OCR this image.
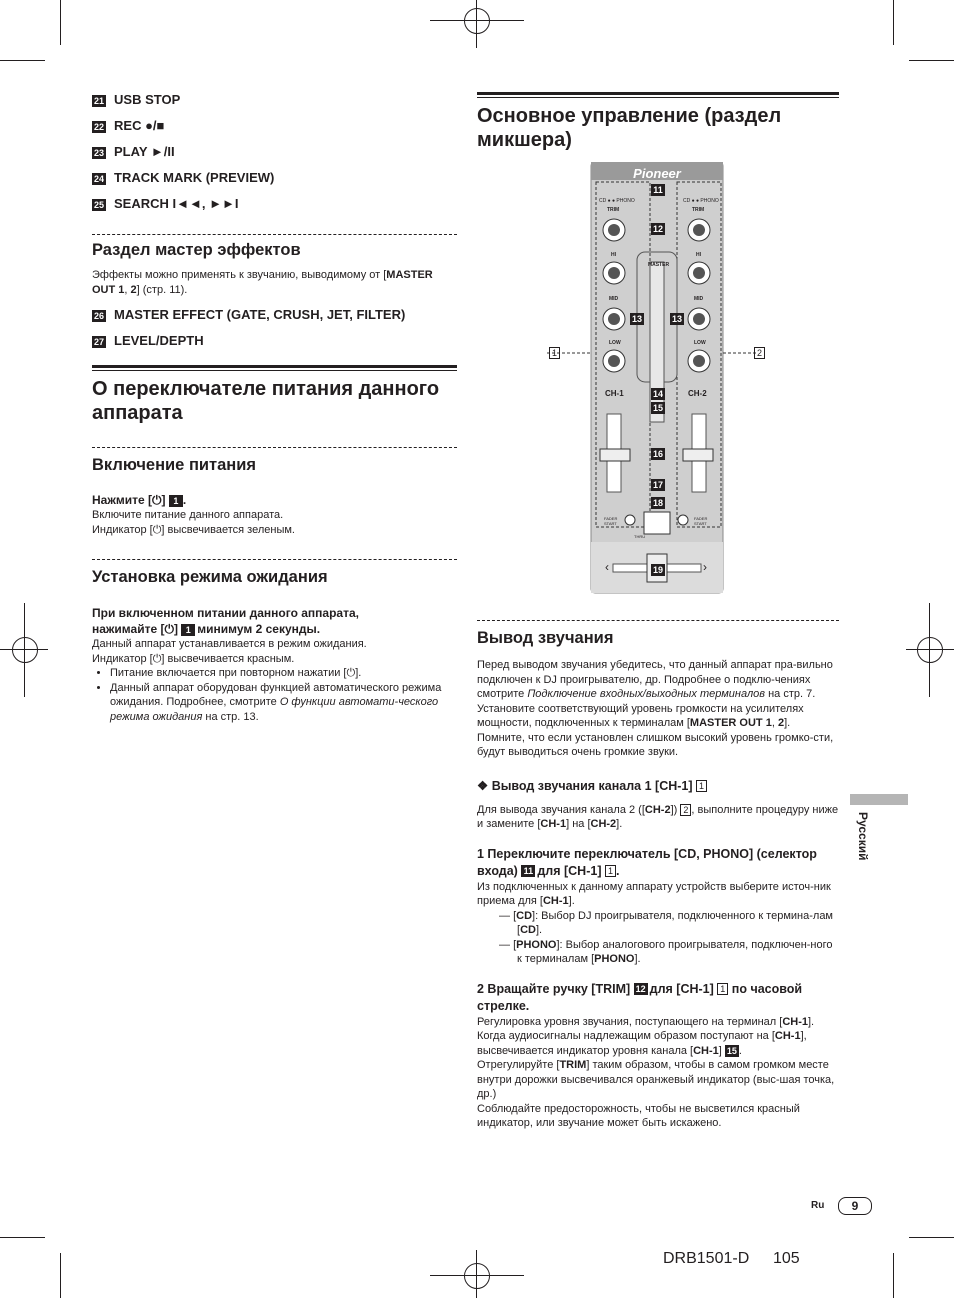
21 USB STOP
22 REC ●/■
23 PLAY ►/II
24 TRACK MARK (PREVIEW)
25 SEARCH I◄◄, ►►I
Раздел мастер эффектов
Эффекты можно применять к звучанию, выводимому от [MASTER OUT 1, 2] (стр. 11).
26 MASTER EFFECT (GATE, CRUSH, JET, FILTER)
27 LEVEL/DEPTH
О переключателе питания данного аппарата
Включение питания
Нажмите [⏻] 1 .
Включите питание данного аппарата.
Индикатор [⏻] высвечивается зеленым.
Установка режима ожидания
При включенном питании данного аппарата,
нажимайте [⏻] 1 минимум 2 секунды.
Данный аппарат устанавливается в режим ожидания.
Индикатор [⏻] высвечивается красным.
• Питание включается при повторном нажатии [⏻].
• Данный аппарат оборудован функцией автоматического режима ожидания. Подробнее, смотрите О функции автомати-ческого режима ожидания на стр. 13.
Основное управление (раздел микшера)
Pioneer
CD ● ● PHONO	CD ● ● PHONO
TRIM	TRIM
HI	HI
MID	MID
LOW	LOW
CH-1	CH-2
MASTER
FADER START
FADER START
THRU
‹	›
11
12
13	13
14
15
16
17
18
19
1	2
Вывод звучания
Перед выводом звучания убедитесь, что данный аппарат пра-вильно подключен к DJ проигрывателю, др. Подробнее о подклю-чениях смотрите Подключение входных/выходных терминалов на стр. 7.
Установите соответствующий уровень громкости на усилителях мощности, подключенных к терминалам [MASTER OUT 1, 2].
Помните, что если установлен слишком высокий уровень громко-сти, будут выводиться очень громкие звуки.
❖ Вывод звучания канала 1 [CH-1] 1
Для вывода звучания канала 2 ([CH-2]) 2 , выполните процедуру ниже и замените [CH-1] на [CH-2].
1 Переключите переключатель [CD, PHONO] (селектор входа) 11 для [CH-1] 1 .
Из подключенных к данному аппарату устройств выберите источ-ник приема для [CH-1].
— [CD]: Выбор DJ проигрывателя, подключенного к термина-лам [CD].
— [PHONO]: Выбор аналогового проигрывателя, подключен-ного к терминалам [PHONO].
2 Вращайте ручку [TRIM] 12 для [CH-1] 1 по часовой стрелке.
Регулировка уровня звучания, поступающего на терминал [CH-1].
Когда аудиосигналы надлежащим образом поступают на [CH-1], высвечивается индикатор уровня канала [CH-1] 15 .
Отрегулируйте [TRIM] таким образом, чтобы в самом громком месте внутри дорожки высвечивался оранжевый индикатор (выс-шая точка, др.)
Соблюдайте предосторожность, чтобы не высветился красный индикатор, или звучание может быть искажено.
Русский
Ru	9
DRB1501-D 105
